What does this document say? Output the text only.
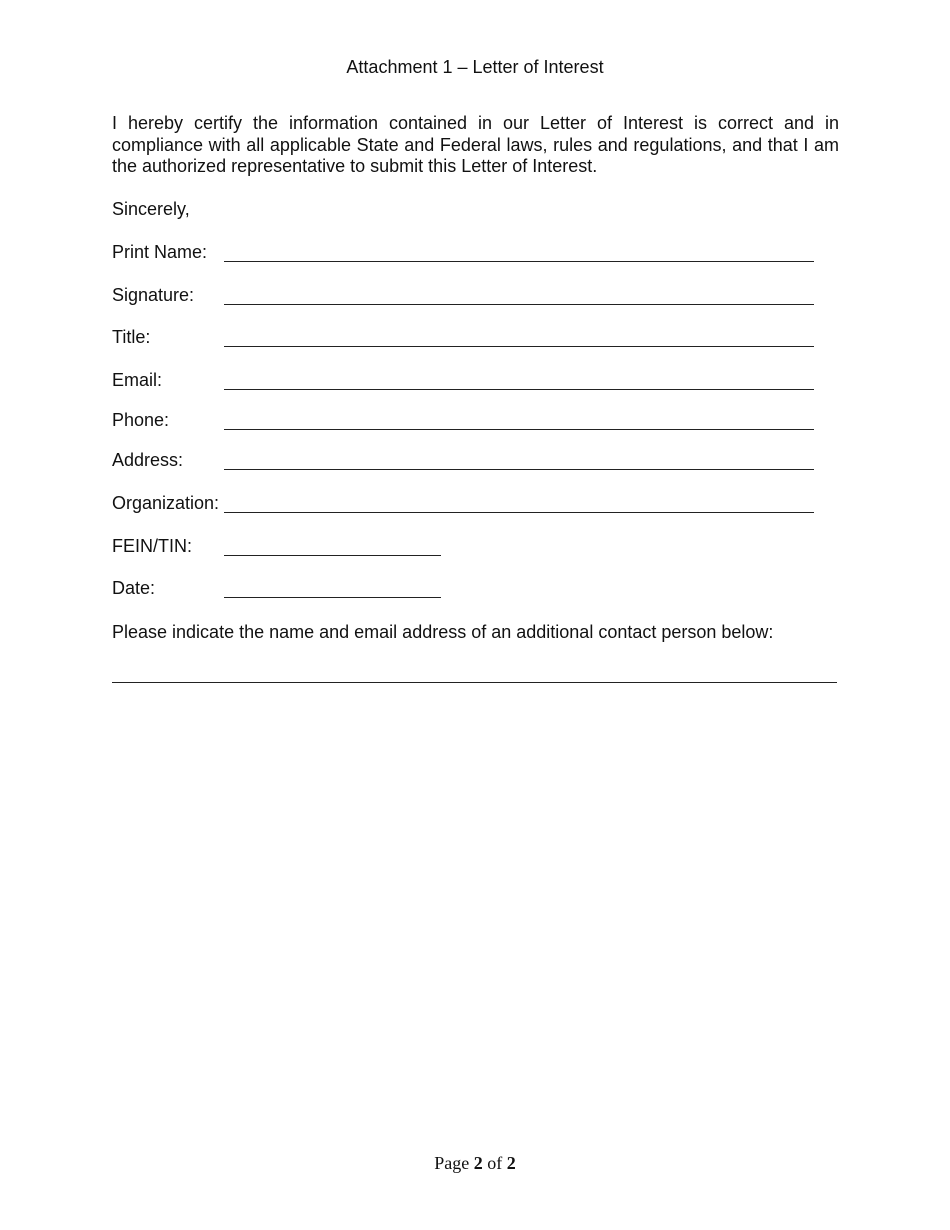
Attachment 1 – Letter of Interest
I hereby certify the information contained in our Letter of Interest is correct and in compliance with all applicable State and Federal laws, rules and regulations, and that I am the authorized representative to submit this Letter of Interest.
Sincerely,
Print Name:
Signature:
Title:
Email:
Phone:
Address:
Organization:
FEIN/TIN:
Date:
Please indicate the name and email address of an additional contact person below:
Page 2 of 2
